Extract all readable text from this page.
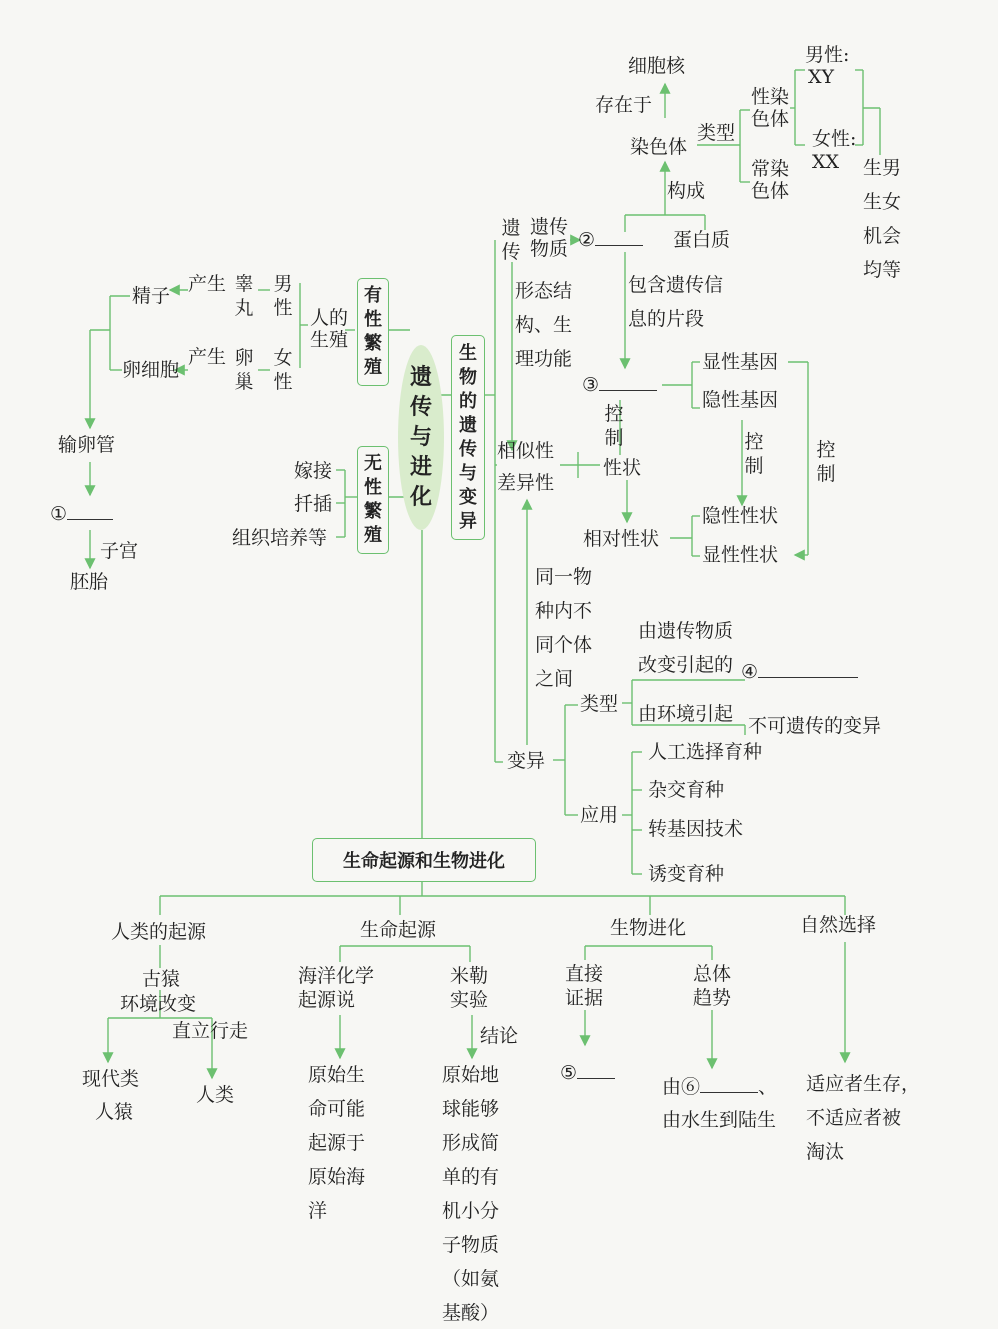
遗传与进化
有性繁殖
无性繁殖
生物的遗传与变异
生命起源和生物进化
人的生殖
男性
女性
睾丸
卵巢
产生
产生
精子
卵细胞
输卵管
①
子宫
胚胎
嫁接
扦插
组织培养等
遗传
遗传物质 ②	蛋白质
构成
染色体
存在于
细胞核
类型
性染色体
常染色体
男性:
XY
女性:
XX 生男
生女
机会
均等
包含遗传信
息的片段
③
显性基因
隐性基因
控制	控制
控制
性状
相对性状
隐性性状
显性性状
形态结
构、生
理功能
相似性
差异性
同一物
种内不
同个体
之间
变异
类型
由遗传物质
改变引起的 ④
由环境引起
不可遗传的变异
应用
人工选择育种
杂交育种
转基因技术
诱变育种
人类的起源
古猿
环境改变
直立行走
现代类
人猿
人类
生命起源
海洋化学
起源说
原始生
命可能
起源于
原始海
洋
米勒
实验
结论
原始地
球能够
形成简
单的有
机小分
子物质
（如氨
基酸）
生物进化
直接
证据
⑤
总体
趋势
由⑥	、
由水生到陆生
自然选择
适应者生存，
不适应者被
淘汰
